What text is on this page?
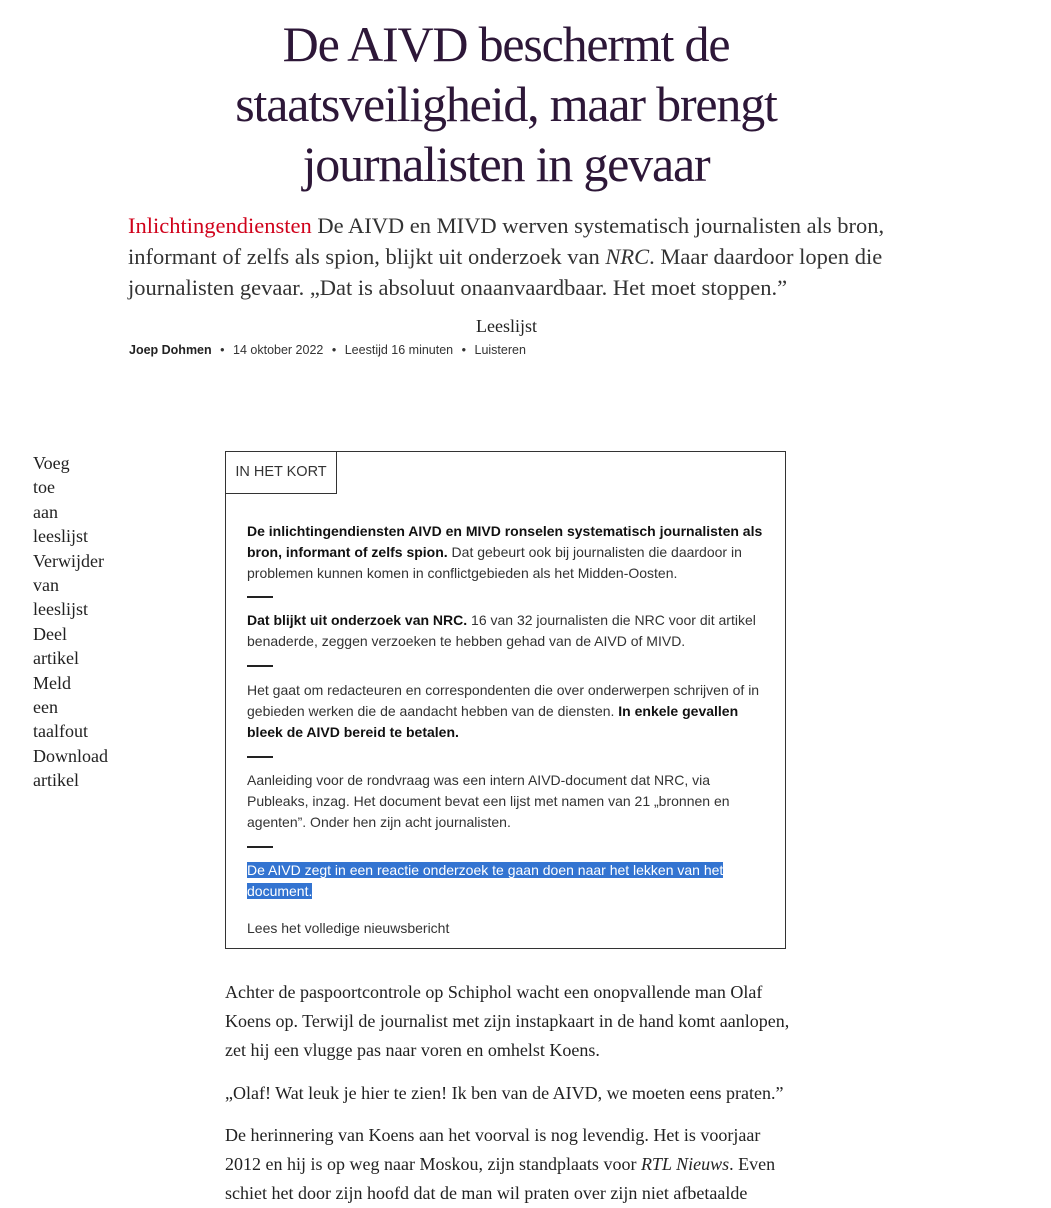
De AIVD beschermt de staatsveiligheid, maar brengt journalisten in gevaar

Inlichtingendiensten De AIVD en MIVD werven systematisch journalisten als bron, informant of zelfs als spion, blijkt uit onderzoek van NRC. Maar daardoor lopen die journalisten gevaar. „Dat is absoluut onaanvaardbaar. Het moet stoppen.”

Leeslijst
Joep Dohmen • 14 oktober 2022 • Leestijd 16 minuten • Luisteren
Voeg
toe
aan
leeslijst
Verwijder
van
leeslijst
Deel
artikel
Meld
een
taalfout
Download
artikel
IN HET KORT

De inlichtingendiensten AIVD en MIVD ronselen systematisch journalisten als bron, informant of zelfs spion. Dat gebeurt ook bij journalisten die daardoor in problemen kunnen komen in conflictgebieden als het Midden-Oosten.

Dat blijkt uit onderzoek van NRC. 16 van 32 journalisten die NRC voor dit artikel benaderde, zeggen verzoeken te hebben gehad van de AIVD of MIVD.

Het gaat om redacteuren en correspondenten die over onderwerpen schrijven of in gebieden werken die de aandacht hebben van de diensten. In enkele gevallen bleek de AIVD bereid te betalen.

Aanleiding voor de rondvraag was een intern AIVD-document dat NRC, via Publeaks, inzag. Het document bevat een lijst met namen van 21 „bronnen en agenten”. Onder hen zijn acht journalisten.

De AIVD zegt in een reactie onderzoek te gaan doen naar het lekken van het
document.

Lees het volledige nieuwsbericht

Achter de paspoortcontrole op Schiphol wacht een onopvallende man Olaf Koens op. Terwijl de journalist met zijn instapkaart in de hand komt aanlopen, zet hij een vlugge pas naar voren en omhelst Koens.

„Olaf! Wat leuk je hier te zien! Ik ben van de AIVD, we moeten eens praten.”

De herinnering van Koens aan het voorval is nog levendig. Het is voorjaar 2012 en hij is op weg naar Moskou, zijn standplaats voor RTL Nieuws. Even schiet het door zijn hoofd dat de man wil praten over zijn niet afbetaalde
